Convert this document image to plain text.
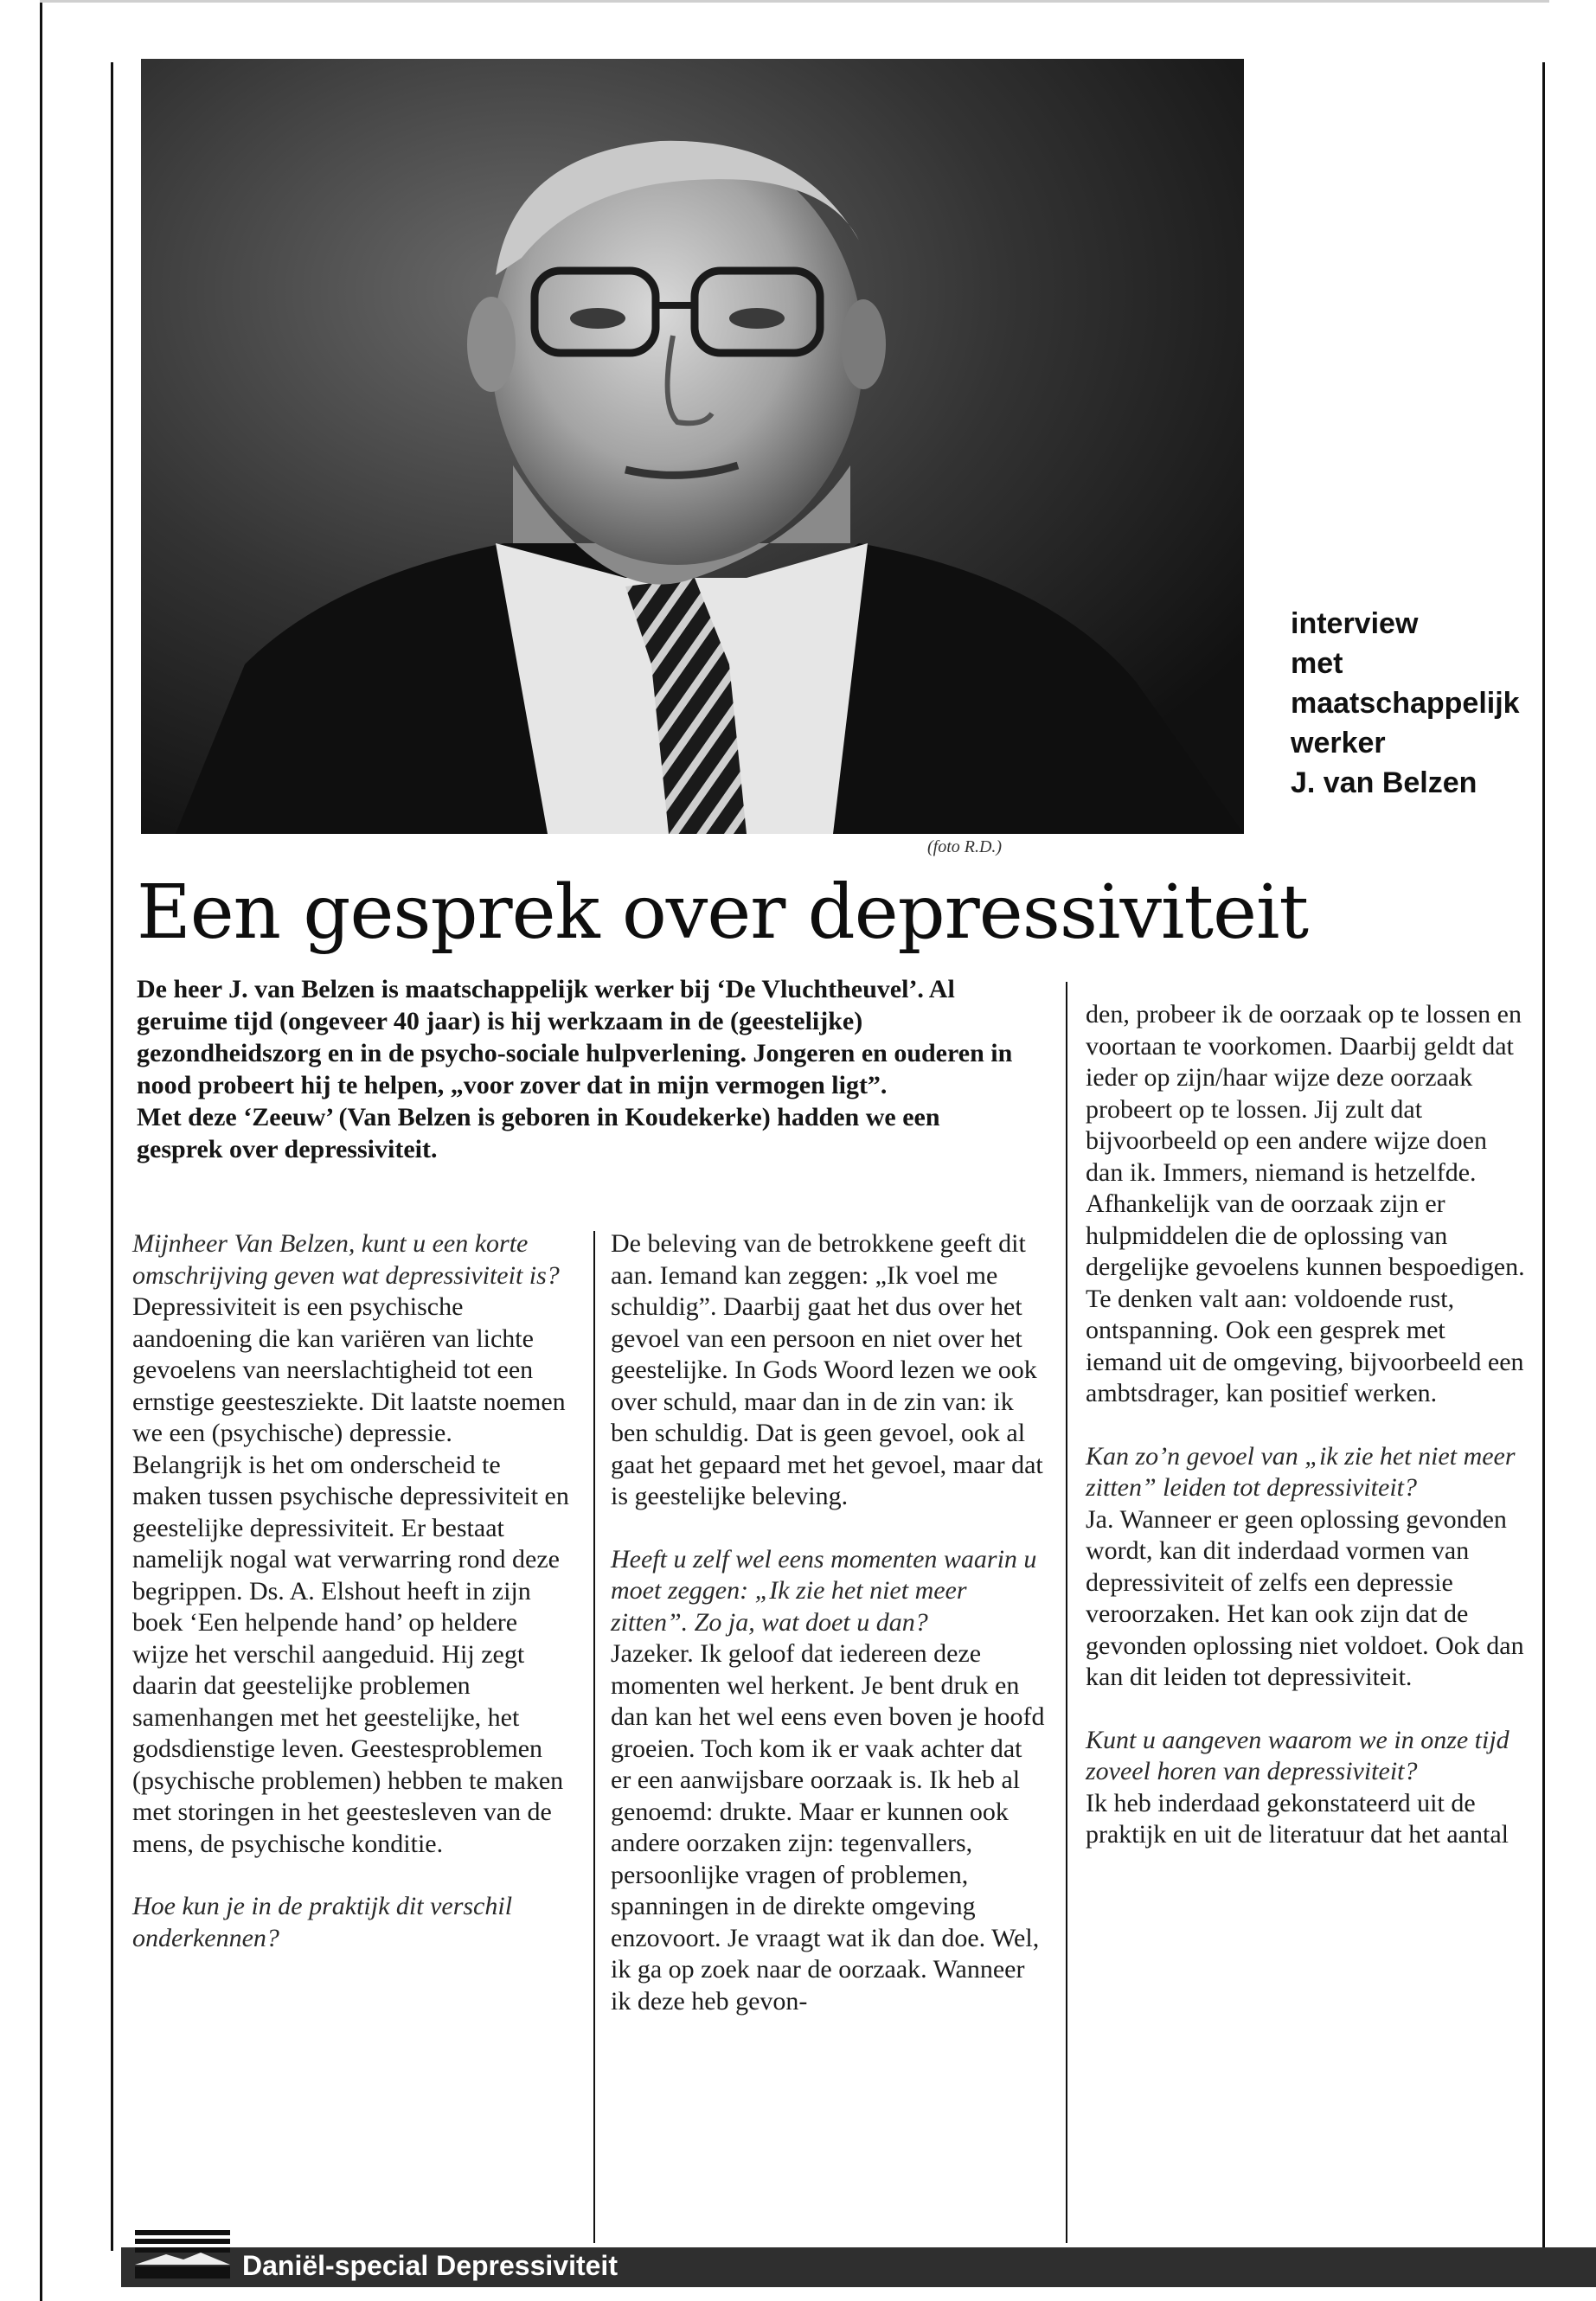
interview
met
maatschappelijk
werker
J. van Belzen
(foto R.D.)
Een gesprek over depressiviteit

De heer J. van Belzen is maatschappelijk werker bij ‘De Vluchtheuvel’. Al geruime tijd (ongeveer 40 jaar) is hij werkzaam in de (geestelijke) gezondheidszorg en in de psycho-sociale hulpverlening. Jongeren en ouderen in nood probeert hij te helpen, „voor zover dat in mijn vermogen ligt”.

Met deze ‘Zeeuw’ (Van Belzen is geboren in Koudekerke) hadden we een gesprek over depressiviteit.

Mijnheer Van Belzen, kunt u een korte omschrijving geven wat depressiviteit is?

Depressiviteit is een psychische aandoening die kan variëren van lichte gevoelens van neerslachtigheid tot een ernstige geestesziekte. Dit laatste noemen we een (psychische) depressie.

Belangrijk is het om onderscheid te maken tussen psychische depressiviteit en geestelijke depressiviteit. Er bestaat namelijk nogal wat verwarring rond deze begrippen. Ds. A. Elshout heeft in zijn boek ‘Een helpende hand’ op heldere wijze het verschil aangeduid. Hij zegt daarin dat geestelijke problemen samenhangen met het geestelijke, het godsdienstige leven. Geestesproblemen (psychische problemen) hebben te maken met storingen in het geestesleven van de mens, de psychische konditie.

Hoe kun je in de praktijk dit verschil onderkennen?

De beleving van de betrokkene geeft dit aan. Iemand kan zeggen: „Ik voel me schuldig”. Daarbij gaat het dus over het gevoel van een persoon en niet over het geestelijke. In Gods Woord lezen we ook over schuld, maar dan in de zin van: ik ben schuldig. Dat is geen gevoel, ook al gaat het gepaard met het gevoel, maar dat is geestelijke beleving.

Heeft u zelf wel eens momenten waarin u moet zeggen: „Ik zie het niet meer zitten”. Zo ja, wat doet u dan?

Jazeker. Ik geloof dat iedereen deze momenten wel herkent. Je bent druk en dan kan het wel eens even boven je hoofd groeien. Toch kom ik er vaak achter dat er een aanwijsbare oorzaak is. Ik heb al genoemd: drukte. Maar er kunnen ook andere oorzaken zijn: tegenvallers, persoonlijke vragen of problemen, spanningen in de direkte omgeving enzovoort. Je vraagt wat ik dan doe. Wel, ik ga op zoek naar de oorzaak. Wanneer ik deze heb gevon-

den, probeer ik de oorzaak op te lossen en voortaan te voorkomen. Daarbij geldt dat ieder op zijn/haar wijze deze oorzaak probeert op te lossen. Jij zult dat bijvoorbeeld op een andere wijze doen dan ik. Immers, niemand is hetzelfde. Afhankelijk van de oorzaak zijn er hulpmiddelen die de oplossing van dergelijke gevoelens kunnen bespoedigen. Te denken valt aan: voldoende rust, ontspanning. Ook een gesprek met iemand uit de omgeving, bijvoorbeeld een ambtsdrager, kan positief werken.

Kan zo’n gevoel van „ik zie het niet meer zitten” leiden tot depressiviteit?

Ja. Wanneer er geen oplossing gevonden wordt, kan dit inderdaad vormen van depressiviteit of zelfs een depressie veroorzaken. Het kan ook zijn dat de gevonden oplossing niet voldoet. Ook dan kan dit leiden tot depressiviteit.

Kunt u aangeven waarom we in onze tijd zoveel horen van depressiviteit?

Ik heb inderdaad gekonstateerd uit de praktijk en uit de literatuur dat het aantal

Daniël-special Depressiviteit
